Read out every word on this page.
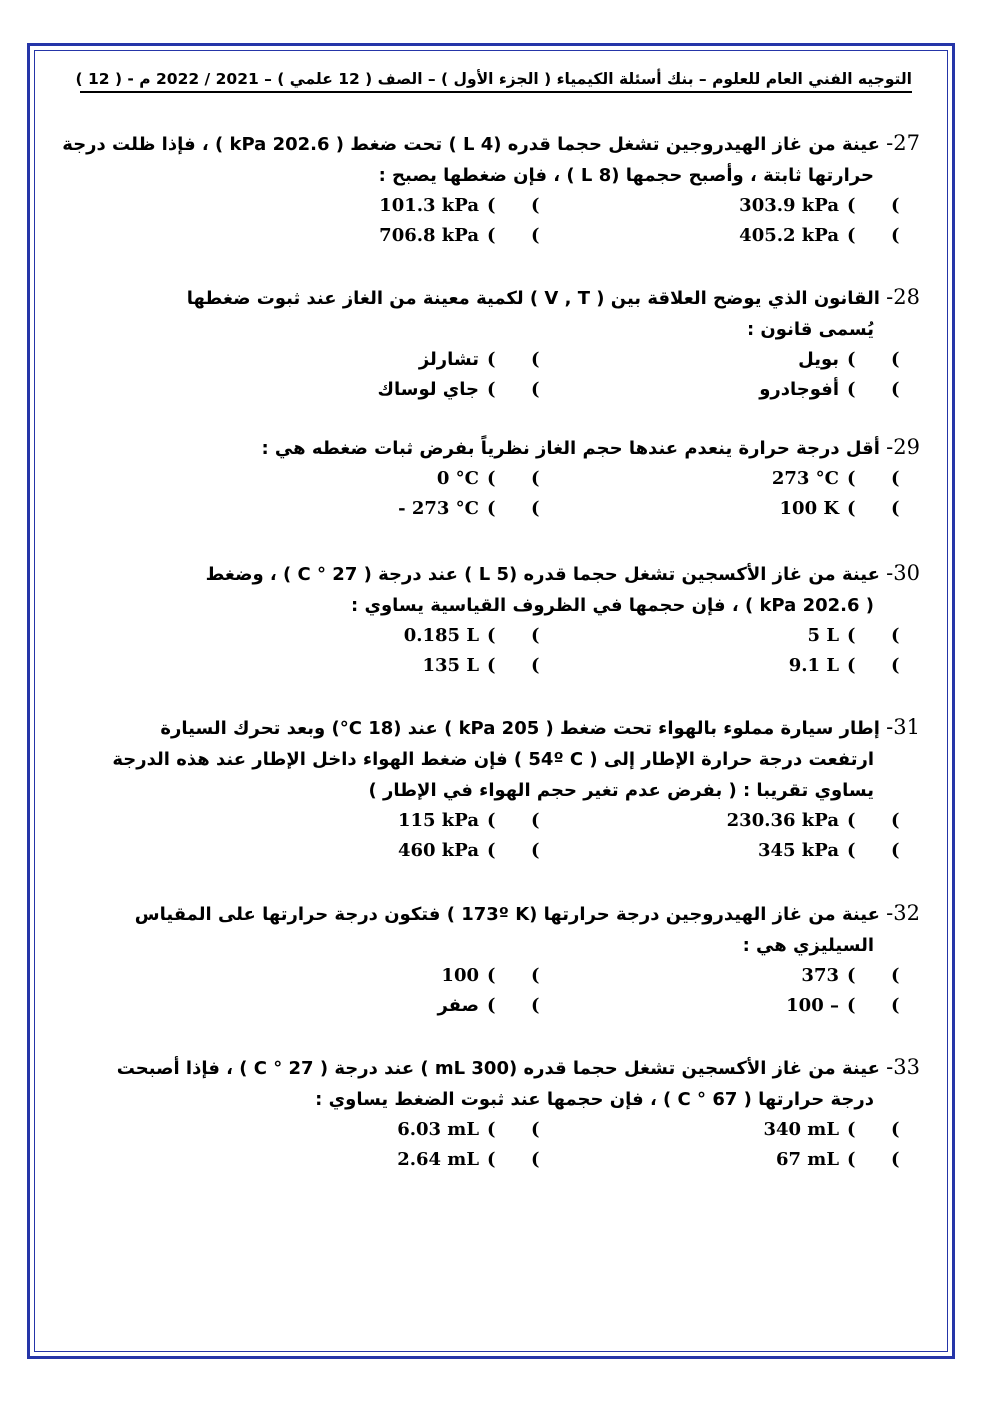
التوجيه الفني العام للعلوم – بنك أسئلة الكيمياء ( الجزء الأول ) – الصف ( 12 علمي ) – 2021 / 2022 م - ( 12 )
27- عينة من غاز الهيدروجين تشغل حجما قدره (4 L ) تحت ضغط ( 202.6 kPa ) ، فإذا ظلت درجة
حرارتها ثابتة ، وأصبح حجمها (8 L ) ، فإن ضغطها يصبح :
)
)
303.9 kPa
)
)
101.3 kPa
)
)
405.2 kPa
)
)
706.8 kPa
28- القانون الذي يوضح العلاقة بين ( V , T ) لكمية معينة من الغاز عند ثبوت ضغطها
يُسمى قانون :
)
)
بويل
)
)
تشارلز
)
)
أفوجادرو
)
)
جاي لوساك
29- أقل درجة حرارة ينعدم عندها حجم الغاز نظرياً بفرض ثبات ضغطه هي :
)
)
273 °C
)
)
0 °C
)
)
100 K
)
)
- 273 °C
30- عينة من غاز الأكسجين تشغل حجما قدره (5 L ) عند درجة ( 27 ° C ) ، وضغط
( 202.6 kPa ) ، فإن حجمها في الظروف القياسية يساوي :
)
)
5 L
)
)
0.185 L
)
)
9.1 L
)
)
135 L
31- إطار سيارة مملوء بالهواء تحت ضغط ( 205 kPa ) عند (18 C°) وبعد تحرك السيارة
ارتفعت درجة حرارة الإطار إلى ( 54º C ) فإن ضغط الهواء داخل الإطار عند هذه الدرجة
يساوي تقريبا : ( بفرض عدم تغير حجم الهواء في الإطار )
)
)
230.36 kPa
)
)
115 kPa
)
)
345 kPa
)
)
460 kPa
32- عينة من غاز الهيدروجين درجة حرارتها (173º K ) فتكون درجة حرارتها على المقياس
السيليزي هي :
)
)
373
)
)
100
)
)
100 –
)
)
صفر
33- عينة من غاز الأكسجين تشغل حجما قدره (300 mL ) عند درجة ( 27 ° C ) ، فإذا أصبحت
درجة حرارتها ( 67 ° C ) ، فإن حجمها عند ثبوت الضغط يساوي :
)
)
340 mL
)
)
6.03 mL
)
)
67 mL
)
)
2.64 mL
